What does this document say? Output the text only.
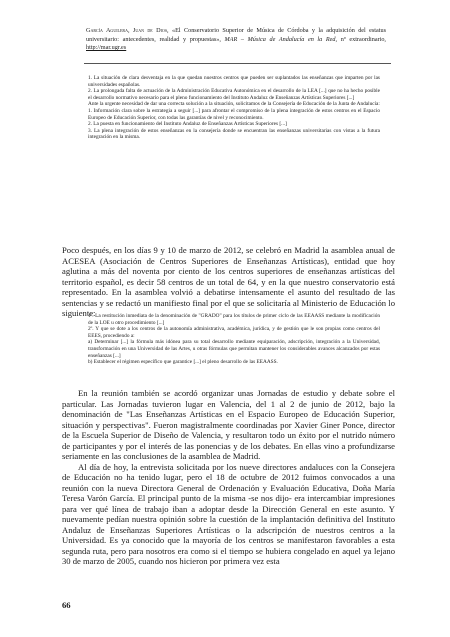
García Aguilera, Juan de Dios, «El Conservatorio Superior de Música de Córdoba y la adquisición del estatus universitario: antecedentes, realidad y propuestas», MAR – Música de Andalucía en la Red, nº extraordinario, http://mar.ugr.es

1. La situación de clara desventaja en la que quedan nuestros centros que pueden ser suplantados las enseñanzas que imparten por las universidades españolas.

2. La prolongada falta de actuación de la Administración Educativa Autonómica en el desarrollo de la LEA [...] que no ha hecho posible el desarrollo normativo necesario para el pleno funcionamiento del Instituto Andaluz de Enseñanzas Artísticas Superiores [...]

Ante la urgente necesidad de dar una correcta solución a la situación, solicitamos de la Consejería de Educación de la Junta de Andalucía:

1. Información clara sobre la estrategia a seguir [...] para afrontar el compromiso de la plena integración de estos centros en el Espacio Europeo de Educación Superior, con todas las garantías de nivel y reconocimiento.

2. La puesta en funcionamiento del Instituto Andaluz de Enseñanzas Artísticas Superiores [...]

3. La plena integración de estos enseñanzas en la consejería donde se encuentran las enseñanzas universitarias con vistas a la futura integración en la misma.

Poco después, en los días 9 y 10 de marzo de 2012, se celebró en Madrid la asamblea anual de ACESEA (Asociación de Centros Superiores de Enseñanzas Artísticas), entidad que hoy aglutina a más del noventa por ciento de los centros superiores de enseñanzas artísticas del territorio español, es decir 58 centros de un total de 64, y en la que nuestro conservatorio está representado. En la asamblea volvió a debatirse intensamente el asunto del resultado de las sentencias y se redactó un manifiesto final por el que se solicitaría al Ministerio de Educación lo siguiente:

1º. La restitución inmediata de la denominación de "GRADO" para los títulos de primer ciclo de las EEAASS mediante la modificación de la LOE u otro procedimiento [...]

2º. Y que se dote a los centros de la autonomía administrativa, académica, jurídica, y de gestión que le son propias como centros del EEES, procediendo a:

a) Determinar [...] la fórmula más idónea para su total desarrollo mediante equiparación, adscripción, integración a la Universidad, transformación en una Universidad de las Artes, u otras fórmulas que permitan mantener los considerables avances alcanzados por estas enseñanzas [...]

b) Establecer el régimen específico que garantice [...] el pleno desarrollo de las EEAASS.

En la reunión también se acordó organizar unas Jornadas de estudio y debate sobre el particular. Las Jornadas tuvieron lugar en Valencia, del 1 al 2 de junio de 2012, bajo la denominación de "Las Enseñanzas Artísticas en el Espacio Europeo de Educación Superior, situación y perspectivas". Fueron magistralmente coordinadas por Xavier Giner Ponce, director de la Escuela Superior de Diseño de Valencia, y resultaron todo un éxito por el nutrido número de participantes y por el interés de las ponencias y de los debates. En ellas vino a profundizarse seriamente en las conclusiones de la asamblea de Madrid.

Al día de hoy, la entrevista solicitada por los nueve directores andaluces con la Consejera de Educación no ha tenido lugar, pero el 18 de octubre de 2012 fuimos convocados a una reunión con la nueva Directora General de Ordenación y Evaluación Educativa, Doña María Teresa Varón García. El principal punto de la misma -se nos dijo- era intercambiar impresiones para ver qué línea de trabajo iban a adoptar desde la Dirección General en este asunto. Y nuevamente pedían nuestra opinión sobre la cuestión de la implantación definitiva del Instituto Andaluz de Enseñanzas Superiores Artísticas o la adscripción de nuestros centros a la Universidad. Es ya conocido que la mayoría de los centros se manifestaron favorables a esta segunda ruta, pero para nosotros era como si el tiempo se hubiera congelado en aquel ya lejano 30 de marzo de 2005, cuando nos hicieron por primera vez esta

66
